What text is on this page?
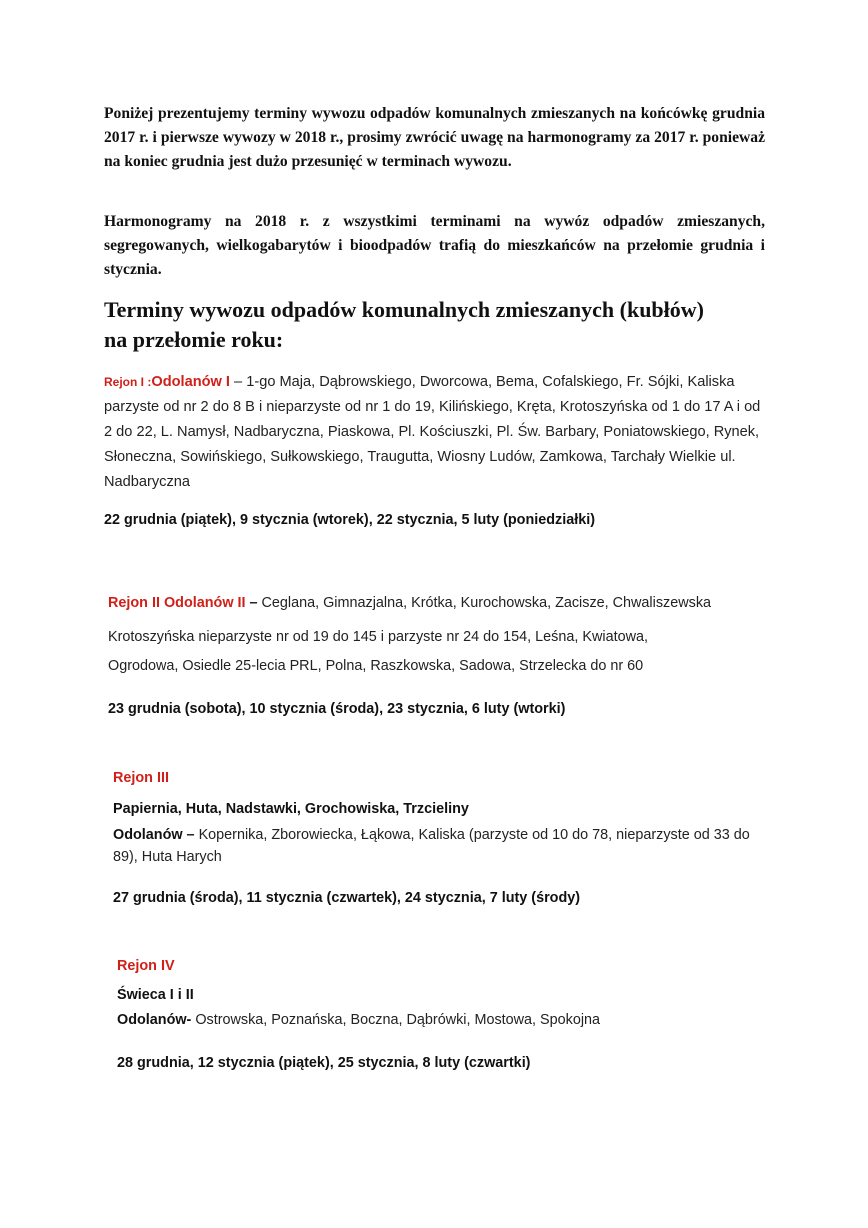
Poniżej prezentujemy terminy wywozu odpadów komunalnych zmieszanych na końcówkę grudnia 2017 r. i pierwsze wywozy w 2018 r., prosimy zwrócić uwagę na harmonogramy za 2017 r. ponieważ na koniec grudnia jest dużo przesunięć w terminach wywozu.

Harmonogramy na 2018 r. z wszystkimi terminami na wywóz odpadów zmieszanych, segregowanych, wielkogabarytów i bioodpadów trafią do mieszkańców na przełomie grudnia i stycznia.

Terminy wywozu odpadów komunalnych zmieszanych (kubłów)
na przełomie roku:
Rejon I :Odolanów I – 1-go Maja, Dąbrowskiego, Dworcowa, Bema, Cofalskiego, Fr. Sójki, Kaliska parzyste od nr 2 do 8 B i nieparzyste od nr 1 do 19, Kilińskiego, Kręta, Krotoszyńska od 1 do 17 A i od 2 do 22, L. Namysł, Nadbaryczna, Piaskowa, Pl. Kościuszki, Pl. Św. Barbary, Poniatowskiego, Rynek, Słoneczna, Sowińskiego, Sułkowskiego, Traugutta, Wiosny Ludów, Zamkowa, Tarchały Wielkie ul. Nadbaryczna
22 grudnia (piątek), 9 stycznia (wtorek), 22 stycznia, 5 luty (poniedziałki)
Rejon II Odolanów II – Ceglana, Gimnazjalna, Krótka, Kurochowska, Zacisze, Chwaliszewska
Krotoszyńska nieparzyste nr od 19 do 145 i parzyste nr 24 do 154, Leśna, Kwiatowa,
Ogrodowa, Osiedle 25-lecia PRL, Polna, Raszkowska, Sadowa, Strzelecka do nr 60
23 grudnia (sobota), 10 stycznia (środa), 23 stycznia, 6 luty (wtorki)
Rejon III
Papiernia, Huta, Nadstawki, Grochowiska, Trzcieliny
Odolanów – Kopernika, Zborowiecka, Łąkowa, Kaliska (parzyste od 10 do 78, nieparzyste od 33 do 89), Huta Harych
27 grudnia (środa), 11 stycznia (czwartek), 24 stycznia, 7 luty (środy)
Rejon IV
Świeca I i II
Odolanów- Ostrowska, Poznańska, Boczna, Dąbrówki, Mostowa, Spokojna
28 grudnia, 12 stycznia (piątek), 25 stycznia, 8 luty (czwartki)
